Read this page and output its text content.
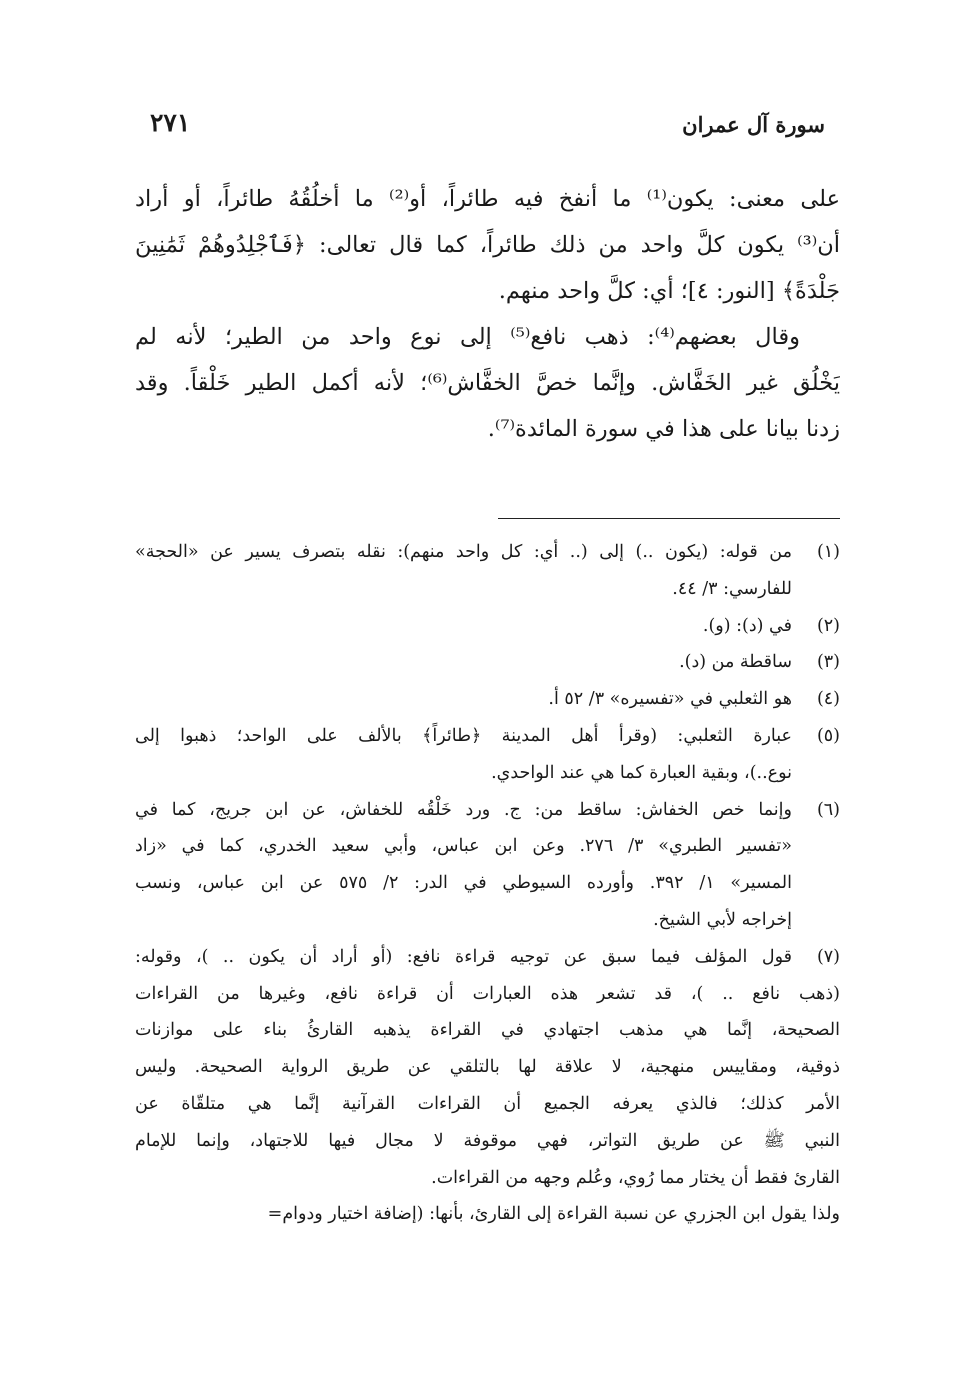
سورة آل عمران
٢٧١

على معنى: يكون⁽¹⁾ ما أنفخ فيه طائراً، أو⁽²⁾ ما أخلُقُهُ طائراً، أو أراد
أن⁽³⁾ يكون كلَّ واحد من ذلك طائراً، كما قال تعالى: ﴿فَٱجْلِدُوهُمْ ثَمَٰنِينَ
جَلْدَةً﴾ [النور: ٤]؛ أي: كلَّ واحد منهم.

وقال بعضهم⁽⁴⁾: ذهب نافع⁽⁵⁾ إلى نوع واحد من الطير؛ لأنه لم
يَخْلُق غير الخَفَّاش. وإنَّما خصَّ الخفَّاش⁽⁶⁾؛ لأنه أكمل الطير خَلْقاً. وقد
زدنا بيانا على هذا في سورة المائدة⁽⁷⁾.

(١)
من قوله: (يكون ..) إلى (.. أي: كل واحد منهم): نقله بتصرف يسير عن «الحجة»
للفارسي: ٣/ ٤٤.
(٢)
في (د): (و).
(٣)
ساقطة من (د).
(٤)
هو الثعلبي في «تفسيره» ٣/ ٥٢ أ.
(٥)
عبارة الثعلبي: (وقرأ أهل المدينة ﴿طائراً﴾ بالألف على الواحد؛ ذهبوا إلى
نوع..)، وبقية العبارة كما هي عند الواحدي.
(٦)
وإنما خص الخفاش: ساقط من: ج. ورد خَلْقُه للخفاش، عن ابن جريج، كما في
«تفسير الطبري» ٣/ ٢٧٦. وعن ابن عباس، وأبي سعيد الخدري، كما في «زاد
المسير» ١/ ٣٩٢. وأورده السيوطي في الدر: ٢/ ٥٧٥ عن ابن عباس، ونسب
إخراجه لأبي الشيخ.
(٧)
قول المؤلف فيما سبق عن توجيه قراءة نافع: (أو أراد أن يكون .. )، وقوله:
(ذهب نافع .. )، قد تشعر هذه العبارات أن قراءة نافع، وغيرها من القراءات
الصحيحة، إنَّما هي مذهب اجتهادي في القراءة يذهبه القارئُ بناء على موازنات
ذوقية، ومقاييس منهجية، لا علاقة لها بالتلقي عن طريق الرواية الصحيحة. وليس
الأمر كذلك؛ فالذي يعرفه الجميع أن القراءات القرآنية إنَّما هي متلقّاة عن
النبي ﷺ عن طريق التواتر، فهي موقوفة لا مجال فيها للاجتهاد، وإنما للإمام
القارئ فقط أن يختار مما رُوي، وعُلم وجهه من القراءات.
ولذا يقول ابن الجزري عن نسبة القراءة إلى القارئ، بأنها: (إضافة اختيار ودوام=
